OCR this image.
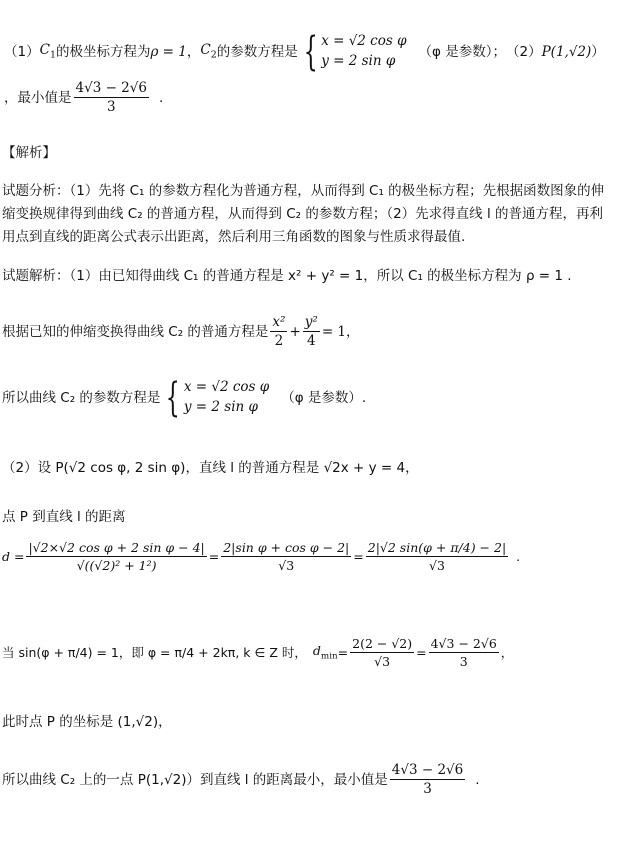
（1） $C_1$ 的极坐标方程为 ρ = 1 ， $C_2$ 的参数方程是 { x = √2 cos φ
y = 2 sin φ
（φ 是参数）； （2） P(1,√2) ）
，最小值是 $\frac{4√3 - 2√6}{3}$ .
【解析】
试题分析：（1）先将 C₁ 的参数方程化为普通方程，从而得到 C₁ 的极坐标方程；先根据函数图象的伸
缩变换规律得到曲线 C₂ 的普通方程，从而得到 C₂ 的参数方程；（2）先求得直线 l 的普通方程，再利
用点到直线的距离公式表示出距离，然后利用三角函数的图象与性质求得最值.
试题解析：（1）由已知得曲线 C₁ 的普通方程是 x² + y² = 1，所以 C₁ 的极坐标方程为 ρ = 1 .
根据已知的伸缩变换得曲线 C₂ 的普通方程是 $\frac{\text{x²}}{2} + \frac{\text{y²}}{4} = 1$，
所以曲线 C₂ 的参数方程是 { x = √2 cos φ
y = 2 sin φ
（φ 是参数）.
（2）设 P(√2 cos φ, 2 sin φ)，直线 l 的普通方程是 √2x + y = 4，
点 P 到直线 l 的距离
$d = \frac{\text{|√2×√2 cos φ + 2 sin φ − 4|}}{\text{√((√2)² + 1²)}} = \frac{\text{2|sin φ + cos φ − 2|}}{√3} = \frac{2|√2 \sin(\varphi + \pi/4) - 2|}{√3}$ .
当 sin(φ + π/4) = 1，即 φ = π/4 + 2kπ, k ∈ Z 时， $d_{min} = \frac{2(2 - √2)}{√3} = \frac{4√3 - 2√6}{3}$ ，
此时点 P 的坐标是 (1,√2)，
所以曲线 C₂ 上的一点 P(1,√2)）到直线 l 的距离最小，最小值是 $\frac{4√3 - 2√6}{3}$ .
